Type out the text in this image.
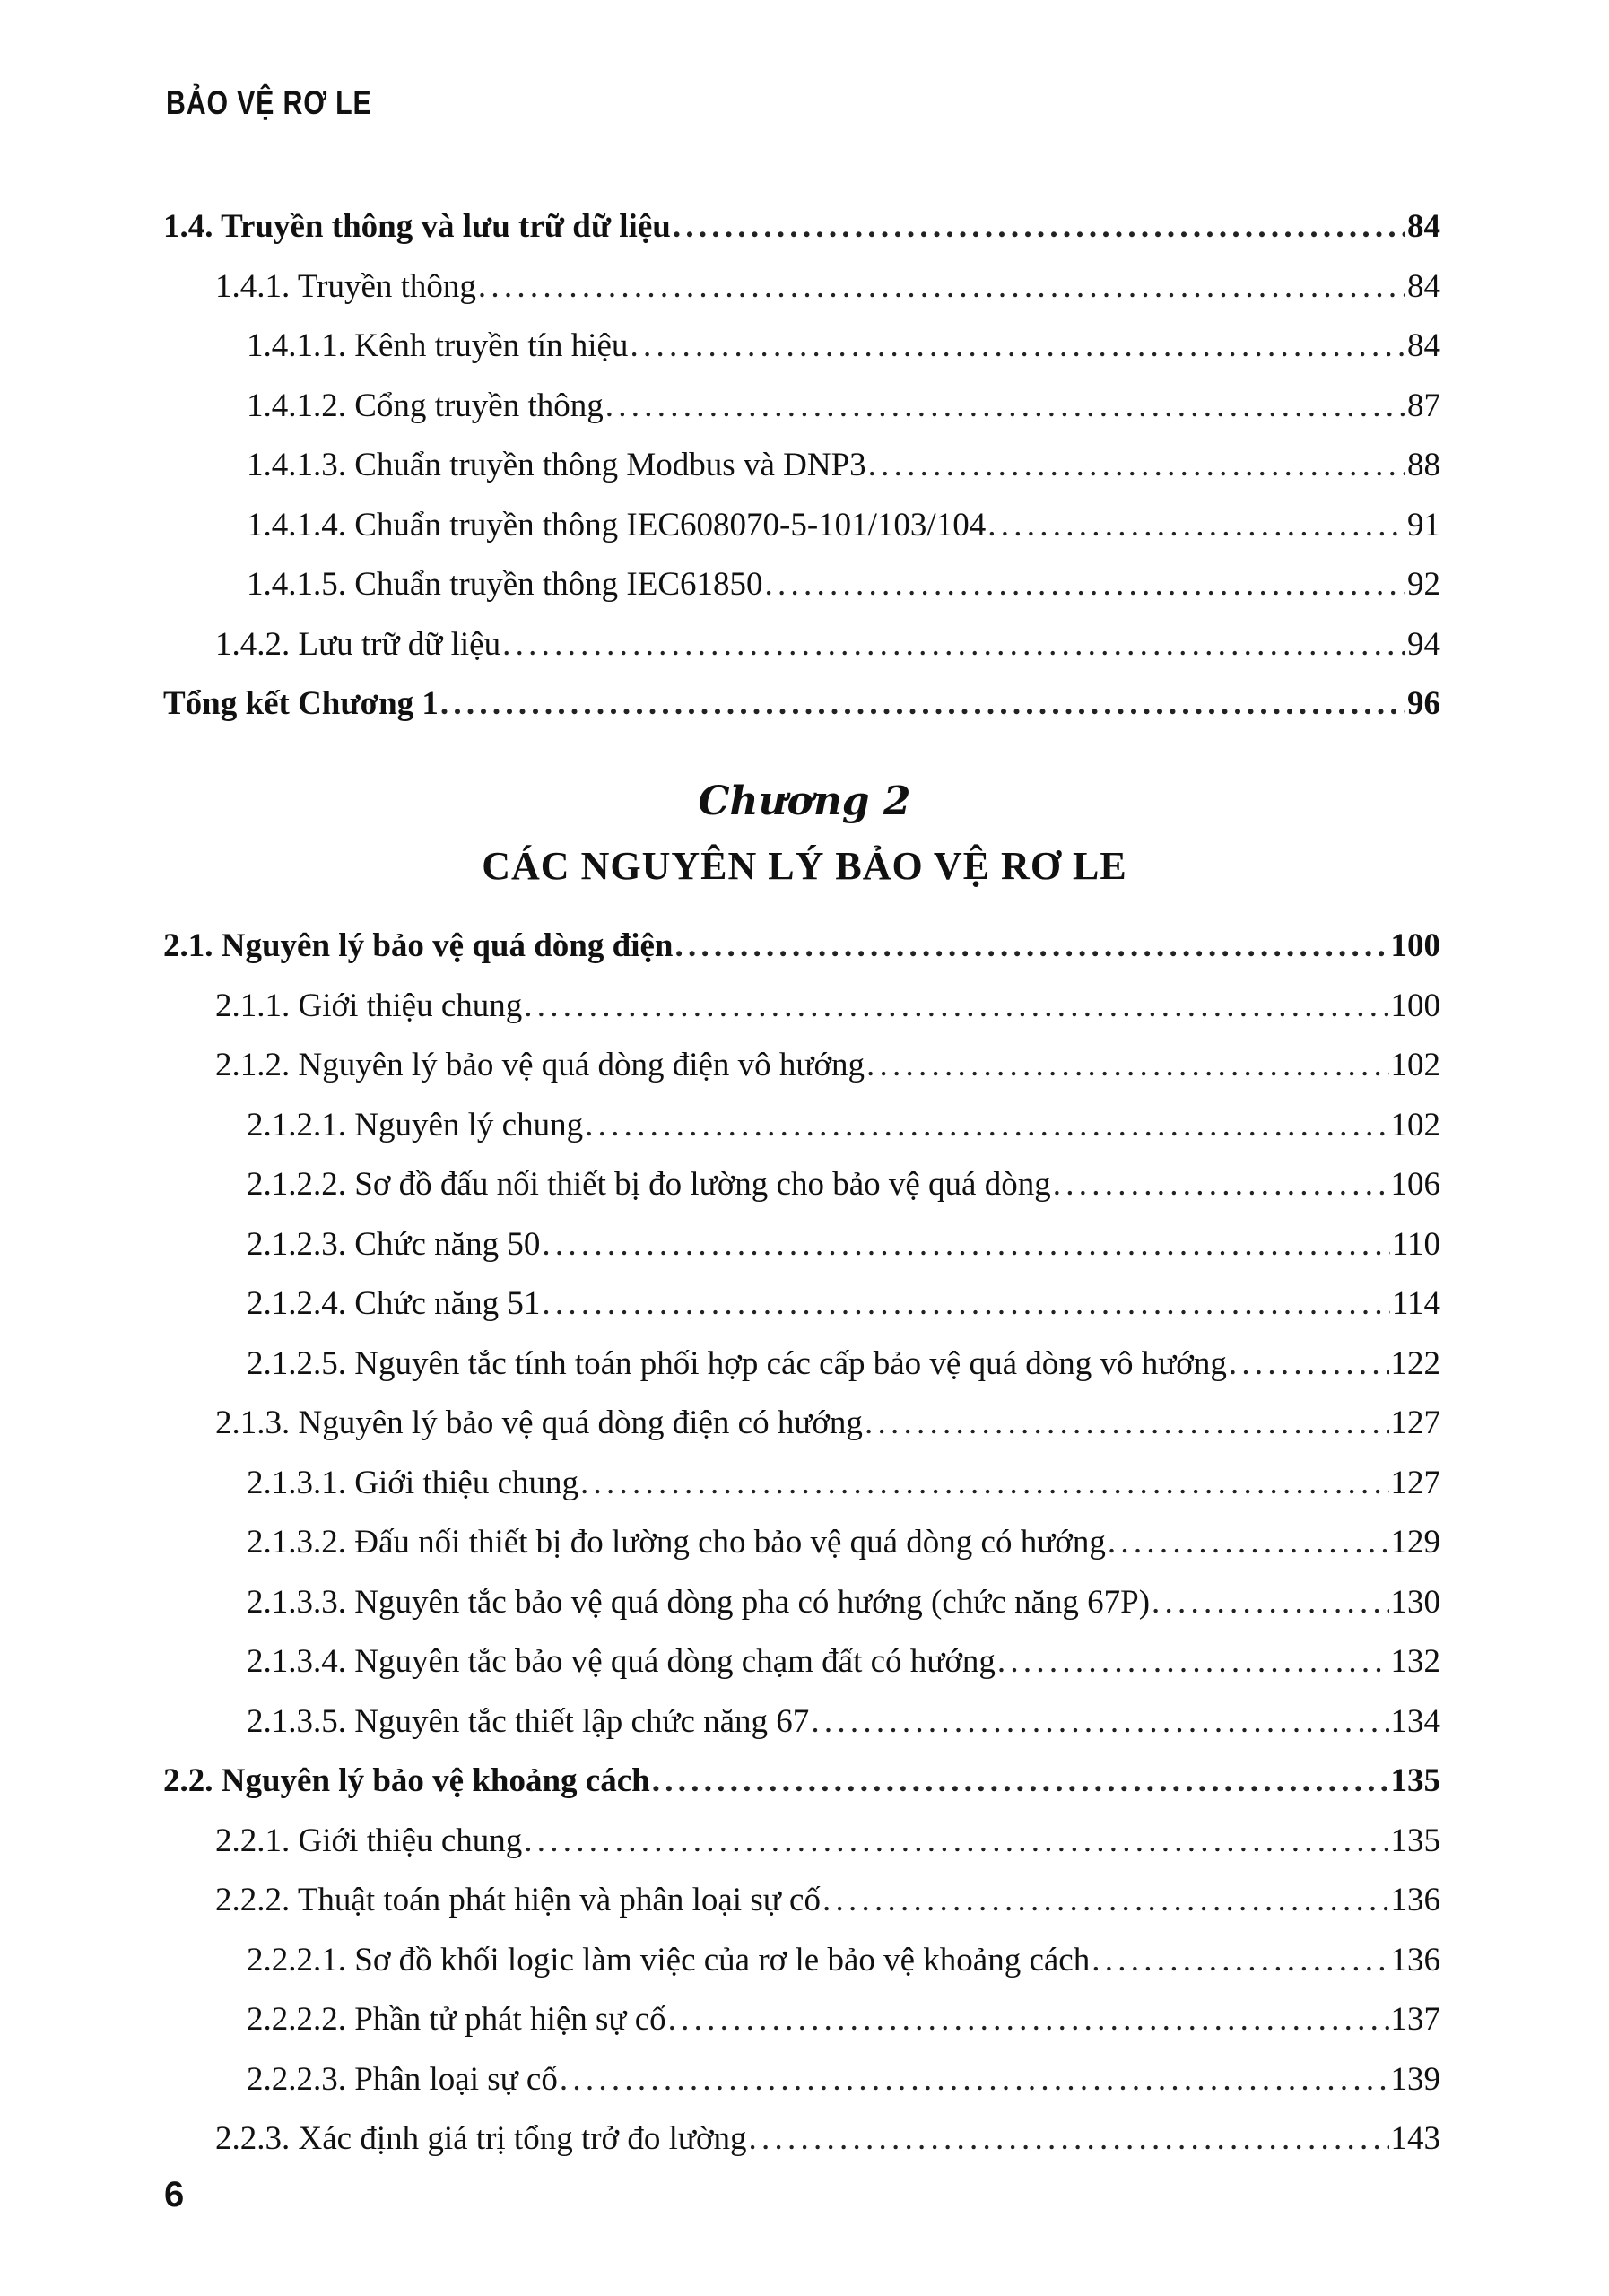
BẢO VỆ RƠ LE
1.4. Truyền thông và lưu trữ dữ liệu . . .	84
1.4.1. Truyền thông . . .	84
1.4.1.1. Kênh truyền tín hiệu . . .	84
1.4.1.2. Cổng truyền thông . . .	87
1.4.1.3. Chuẩn truyền thông Modbus và DNP3 . . .	88
1.4.1.4. Chuẩn truyền thông IEC608070-5-101/103/104 . . .	91
1.4.1.5. Chuẩn truyền thông IEC61850 . . .	92
1.4.2. Lưu trữ dữ liệu . . .	94
Tổng kết Chương 1 . . .	96
2.1. Nguyên lý bảo vệ quá dòng điện . . .	100
2.1.1. Giới thiệu chung . . .	100
2.1.2. Nguyên lý bảo vệ quá dòng điện vô hướng . . .	102
2.1.2.1. Nguyên lý chung . . .	102
2.1.2.2. Sơ đồ đấu nối thiết bị đo lường cho bảo vệ quá dòng . . .	106
2.1.2.3. Chức năng 50 . . .	110
2.1.2.4. Chức năng 51 . . .	114
2.1.2.5. Nguyên tắc tính toán phối hợp các cấp bảo vệ quá dòng vô hướng . . .	122
2.1.3. Nguyên lý bảo vệ quá dòng điện có hướng . . .	127
2.1.3.1. Giới thiệu chung . . .	127
2.1.3.2. Đấu nối thiết bị đo lường cho bảo vệ quá dòng có hướng . . .	129
2.1.3.3. Nguyên tắc bảo vệ quá dòng pha có hướng (chức năng 67P) . . .	130
2.1.3.4. Nguyên tắc bảo vệ quá dòng chạm đất có hướng . . .	132
2.1.3.5. Nguyên tắc thiết lập chức năng 67 . . .	134
2.2. Nguyên lý bảo vệ khoảng cách . . .	135
2.2.1. Giới thiệu chung . . .	135
2.2.2. Thuật toán phát hiện và phân loại sự cố . . .	136
2.2.2.1. Sơ đồ khối logic làm việc của rơ le bảo vệ khoảng cách . . .	136
2.2.2.2. Phần tử phát hiện sự cố . . .	137
2.2.2.3. Phân loại sự cố . . .	139
2.2.3. Xác định giá trị tổng trở đo lường . . .	143
Chương 2
CÁC NGUYÊN LÝ BẢO VỆ RƠ LE
6
